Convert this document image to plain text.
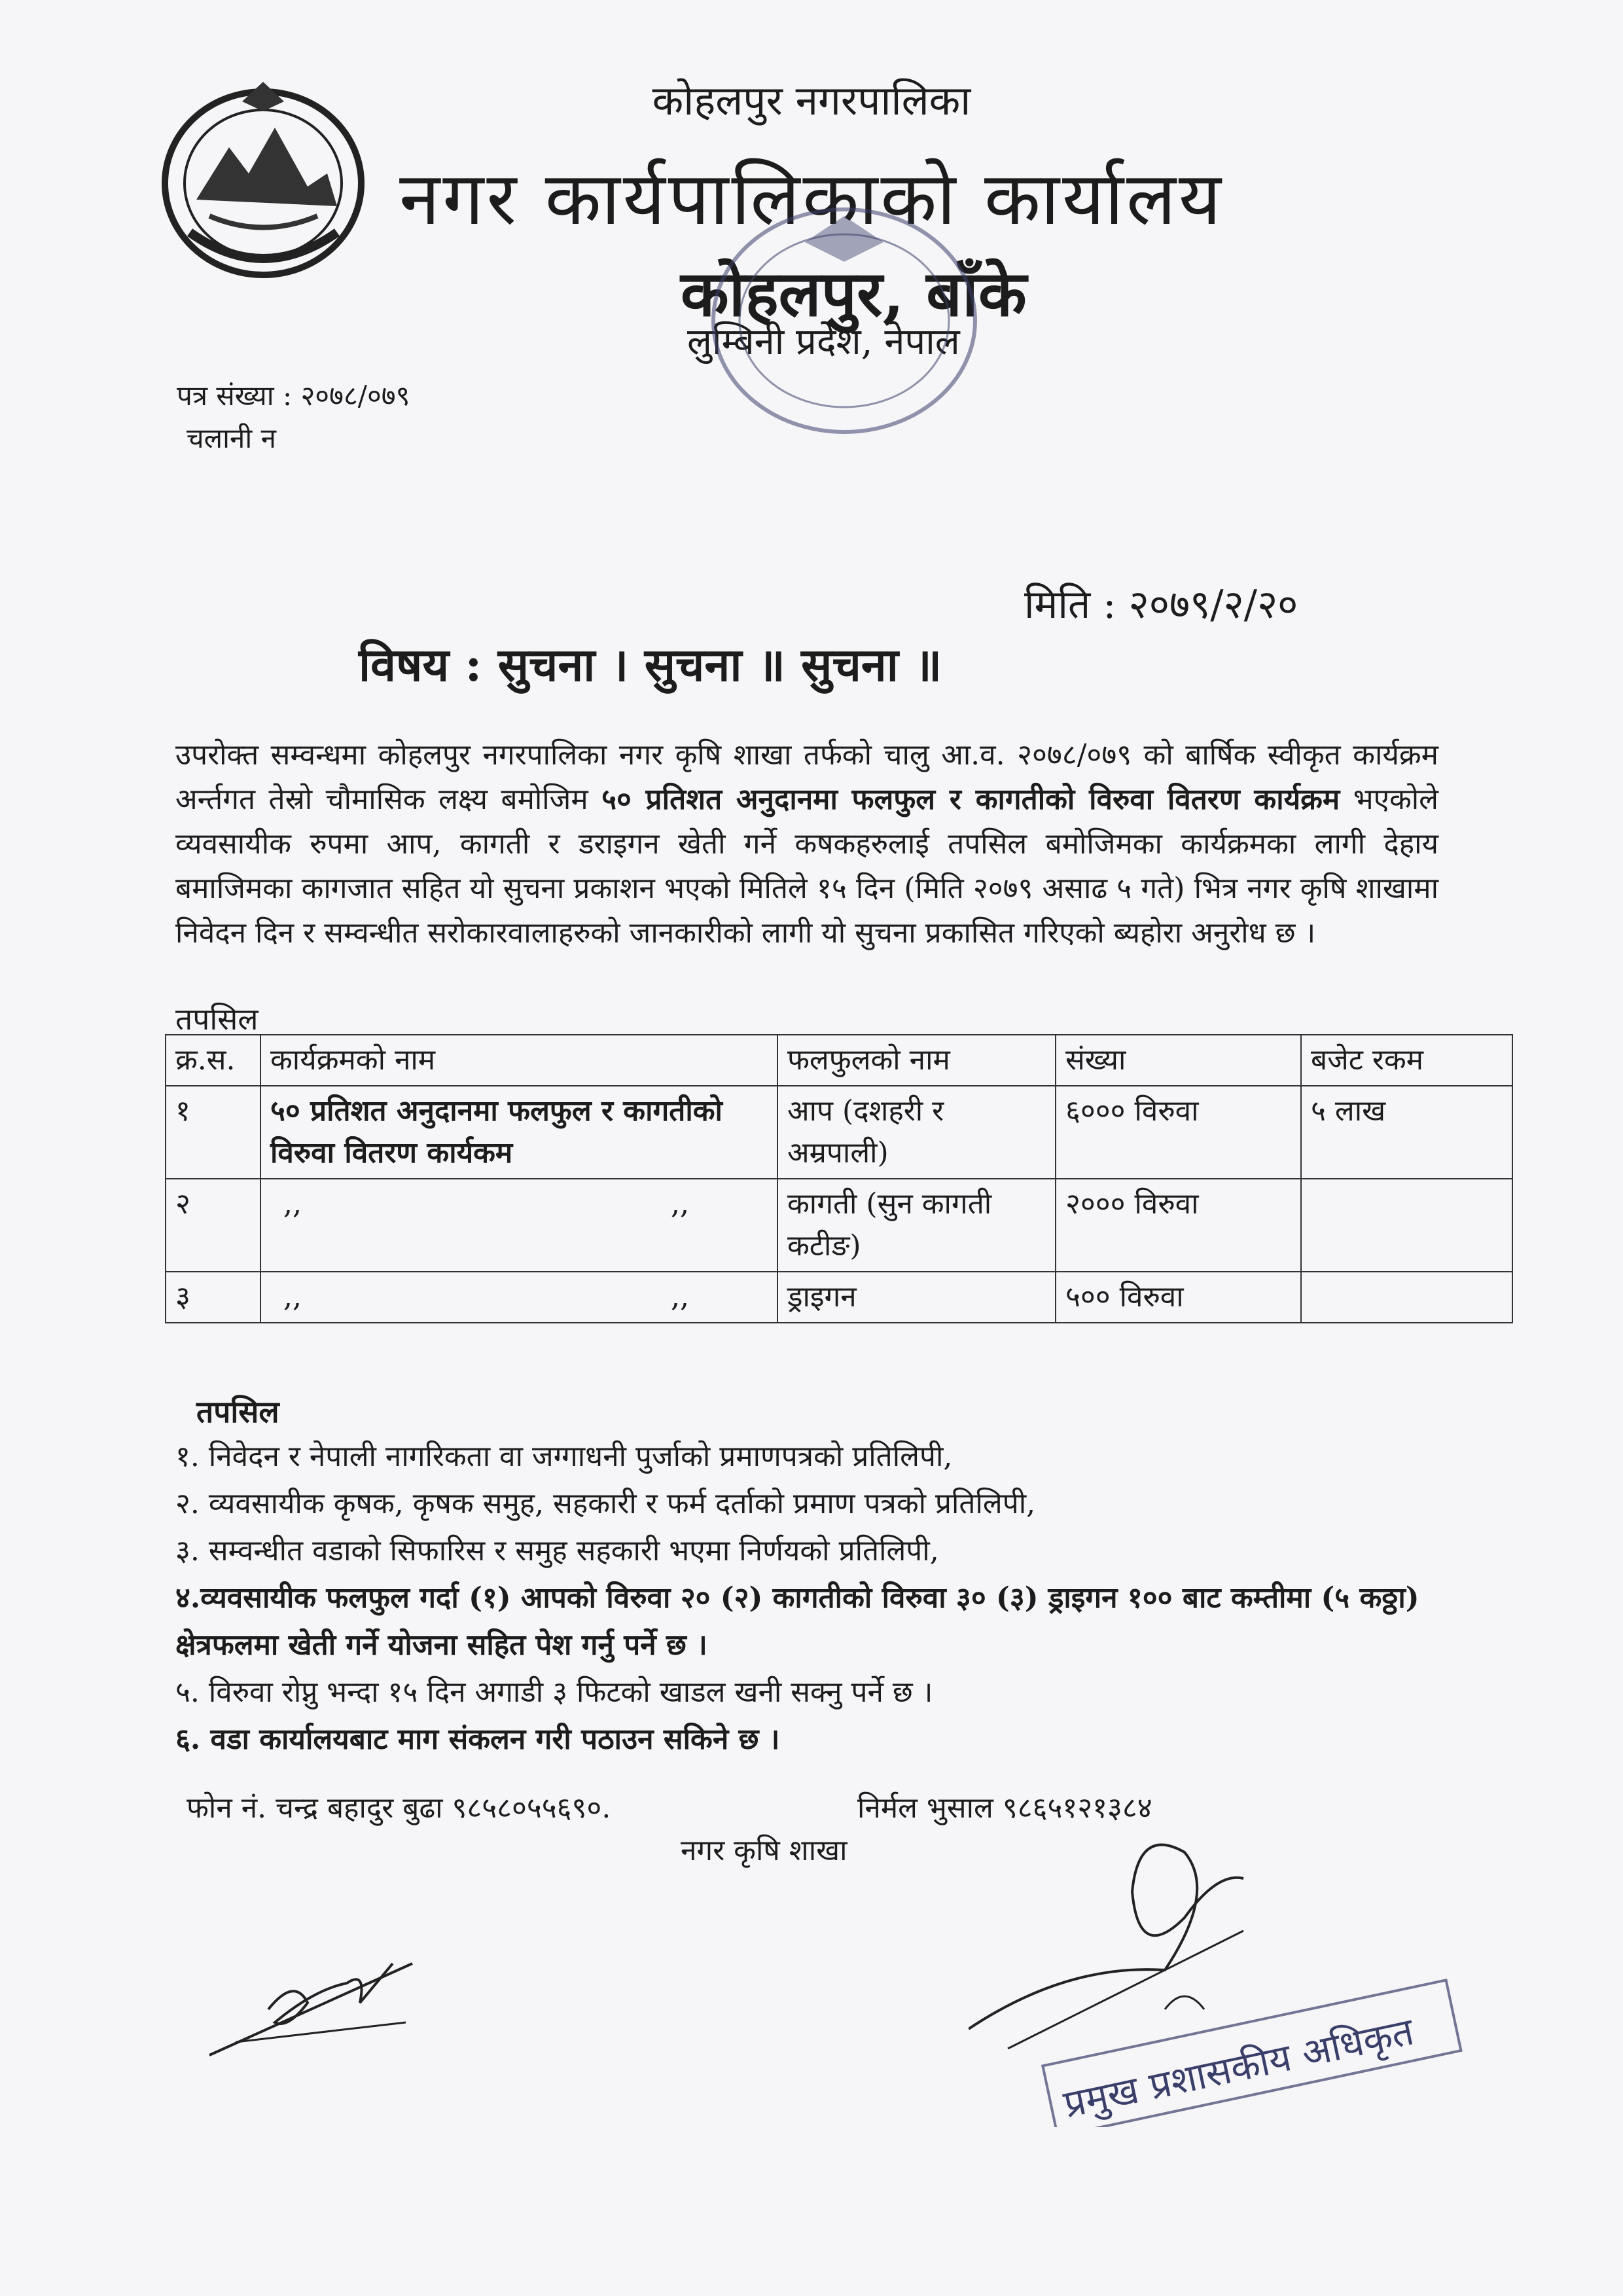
कोहलपुर नगरपालिका
नगर कार्यपालिकाको कार्यालय
कोहलपुर, बाँके
लुम्बिनी प्रदेश, नेपाल
पत्र संख्या : २०७८/०७९
चलानी न
मिति : २०७९/२/२०
विषय : सुचना । सुचना ॥ सुचना ॥
उपरोक्त सम्वन्धमा कोहलपुर नगरपालिका नगर कृषि शाखा तर्फको चालु आ.व. २०७८/०७९ को बार्षिक स्वीकृत कार्यक्रम अर्न्तगत तेस्रो चौमासिक लक्ष्य बमोजिम ५० प्रतिशत अनुदानमा फलफुल र कागतीको विरुवा वितरण कार्यक्रम भएकोले व्यवसायीक रुपमा आप, कागती र डराइगन खेती गर्ने कषकहरुलाई तपसिल बमोजिमका कार्यक्रमका लागी देहाय बमाजिमका कागजात सहित यो सुचना प्रकाशन भएको मितिले १५ दिन (मिति २०७९ असाढ ५ गते) भित्र नगर कृषि शाखामा निवेदन दिन र सम्वन्धीत सरोकारवालाहरुको जानकारीको लागी यो सुचना प्रकासित गरिएको ब्यहोरा अनुरोध छ ।
तपसिल
क्र.स.	कार्यक्रमको नाम	फलफुलको नाम	संख्या	बजेट रकम
१	५० प्रतिशत अनुदानमा फलफुल र कागतीको विरुवा वितरण कार्यकम	आप (दशहरी र अम्रपाली)	६००० विरुवा	५ लाख
२	,, ,,	कागती (सुन कागती कटीङ)	२००० विरुवा	
३	,, ,,	ड्राइगन	५०० विरुवा	
तपसिल
१. निवेदन र नेपाली नागरिकता वा जग्गाधनी पुर्जाको प्रमाणपत्रको प्रतिलिपी,
२. व्यवसायीक कृषक, कृषक समुह, सहकारी र फर्म दर्ताको प्रमाण पत्रको प्रतिलिपी,
३. सम्वन्धीत वडाको सिफारिस र समुह सहकारी भएमा निर्णयको प्रतिलिपी,
४.व्यवसायीक फलफुल गर्दा (१) आपको विरुवा २० (२) कागतीको विरुवा ३० (३) ड्राइगन १०० बाट कम्तीमा (५ कठ्ठा) क्षेत्रफलमा खेती गर्ने योजना सहित पेश गर्नु पर्ने छ ।
५. विरुवा रोप्नु भन्दा १५ दिन अगाडी ३ फिटको खाडल खनी सक्नु पर्ने छ ।
६. वडा कार्यालयबाट माग संकलन गरी पठाउन सकिने छ ।
फोन नं. चन्द्र बहादुर बुढा ९८५८०५५६९०.	निर्मल भुसाल ९८६५१२१३८४
नगर कृषि शाखा
प्रमुख प्रशासकीय अधिकृत
